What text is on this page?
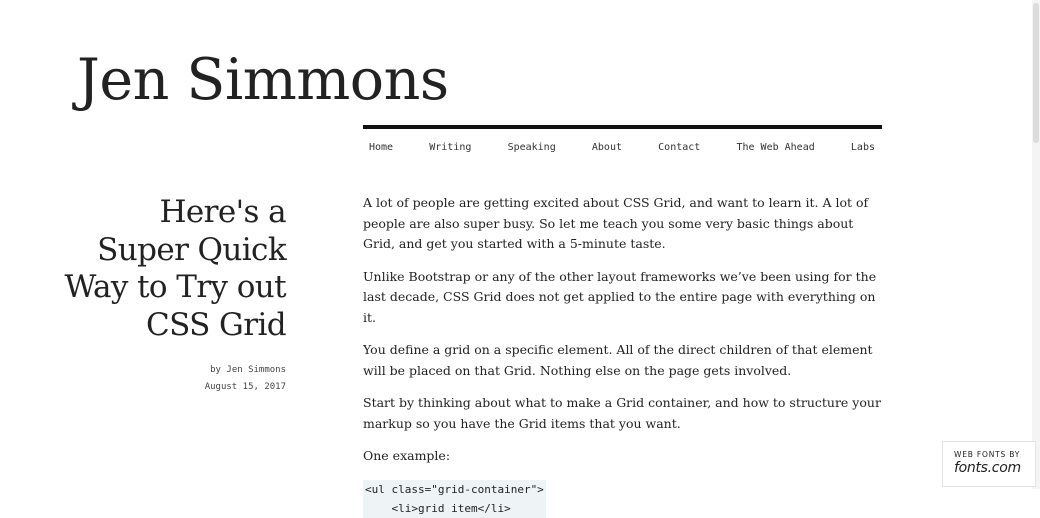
Jen Simmons
Home	Writing	Speaking	About	Contact	The Web Ahead	Labs
Here's a Super Quick Way to Try out CSS Grid
by Jen Simmons
August 15, 2017

A lot of people are getting excited about CSS Grid, and want to learn it. A lot of people are also super busy. So let me teach you some very basic things about Grid, and get you started with a 5-minute taste.

Unlike Bootstrap or any of the other layout frameworks we’ve been using for the last decade, CSS Grid does not get applied to the entire page with everything on it.

You define a grid on a specific element. All of the direct children of that element will be placed on that Grid. Nothing else on the page gets involved.

Start by thinking about what to make a Grid container, and how to structure your markup so you have the Grid items that you want.

One example:

<ul class="grid-container">
<li>grid item</li>
WEB FONTS BY
fonts.com
